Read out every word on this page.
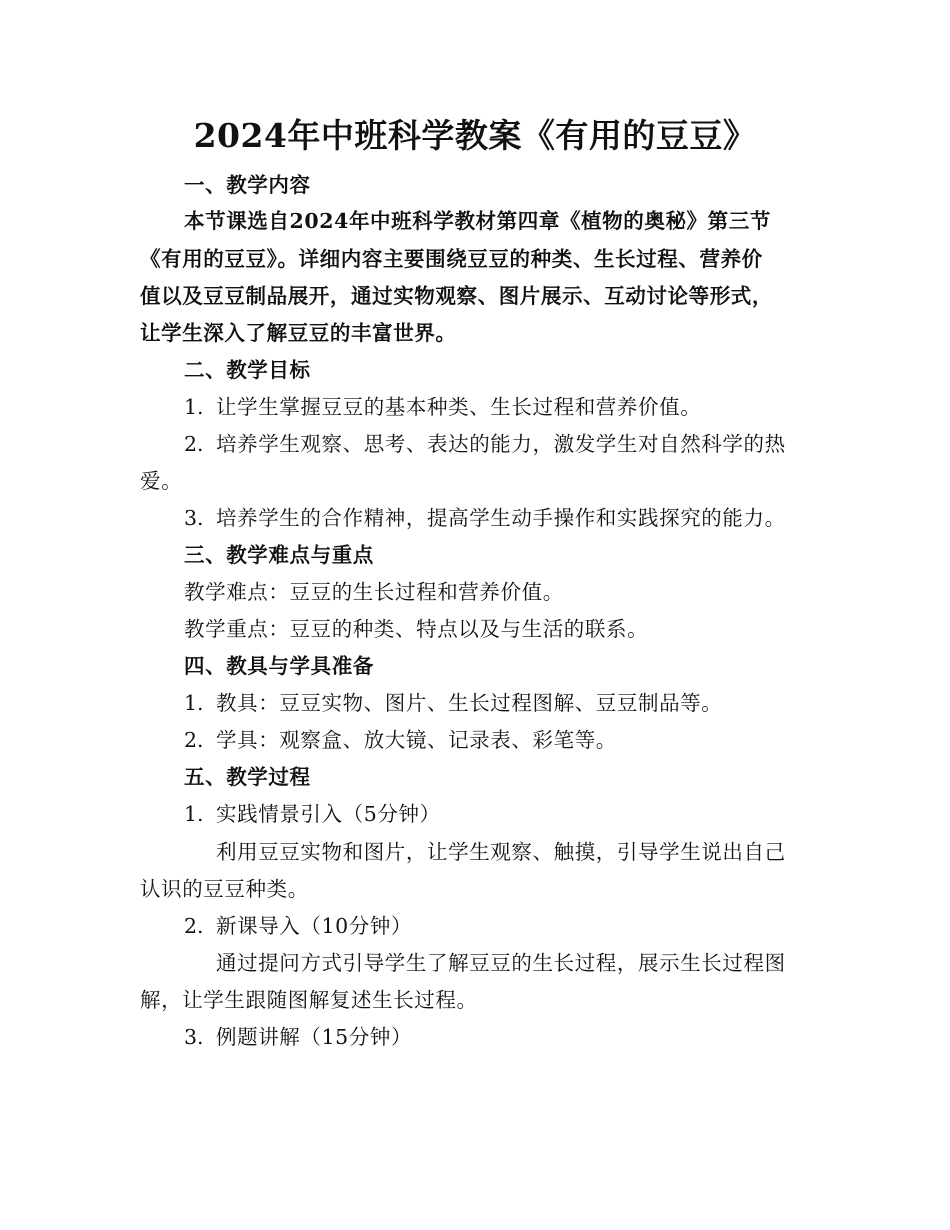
2024年中班科学教案《有用的豆豆》
一、教学内容
本节课选自2024年中班科学教材第四章《植物的奥秘》第三节
《有用的豆豆》。详细内容主要围绕豆豆的种类、生长过程、营养价
值以及豆豆制品展开，通过实物观察、图片展示、互动讨论等形式，
让学生深入了解豆豆的丰富世界。
二、教学目标
1. 让学生掌握豆豆的基本种类、生长过程和营养价值。
2. 培养学生观察、思考、表达的能力，激发学生对自然科学的热
爱。
3. 培养学生的合作精神，提高学生动手操作和实践探究的能力。
三、教学难点与重点
教学难点：豆豆的生长过程和营养价值。
教学重点：豆豆的种类、特点以及与生活的联系。
四、教具与学具准备
1. 教具：豆豆实物、图片、生长过程图解、豆豆制品等。
2. 学具：观察盒、放大镜、记录表、彩笔等。
五、教学过程
1. 实践情景引入（5分钟）
利用豆豆实物和图片，让学生观察、触摸，引导学生说出自己
认识的豆豆种类。
2. 新课导入（10分钟）
通过提问方式引导学生了解豆豆的生长过程，展示生长过程图
解，让学生跟随图解复述生长过程。
3. 例题讲解（15分钟）
